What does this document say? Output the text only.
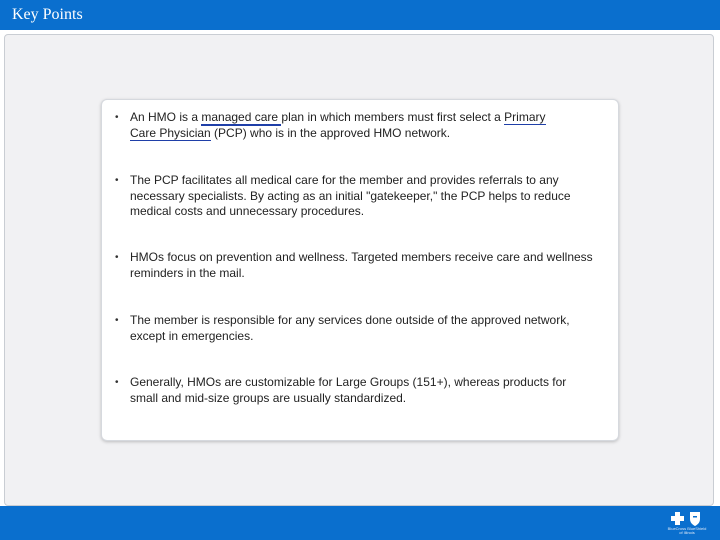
Key Points
• An HMO is a managed care plan in which members must first select a Primary
Care Physician (PCP) who is in the approved HMO network.
• The PCP facilitates all medical care for the member and provides referrals to any necessary specialists. By acting as an initial "gatekeeper," the PCP helps to reduce medical costs and unnecessary procedures.
• HMOs focus on prevention and wellness. Targeted members receive care and wellness reminders in the mail.
• The member is responsible for any services done outside of the approved network, except in emergencies.
• Generally, HMOs are customizable for Large Groups (151+), whereas products for small and mid-size groups are usually standardized.
BlueCross BlueShield
of Illinois
